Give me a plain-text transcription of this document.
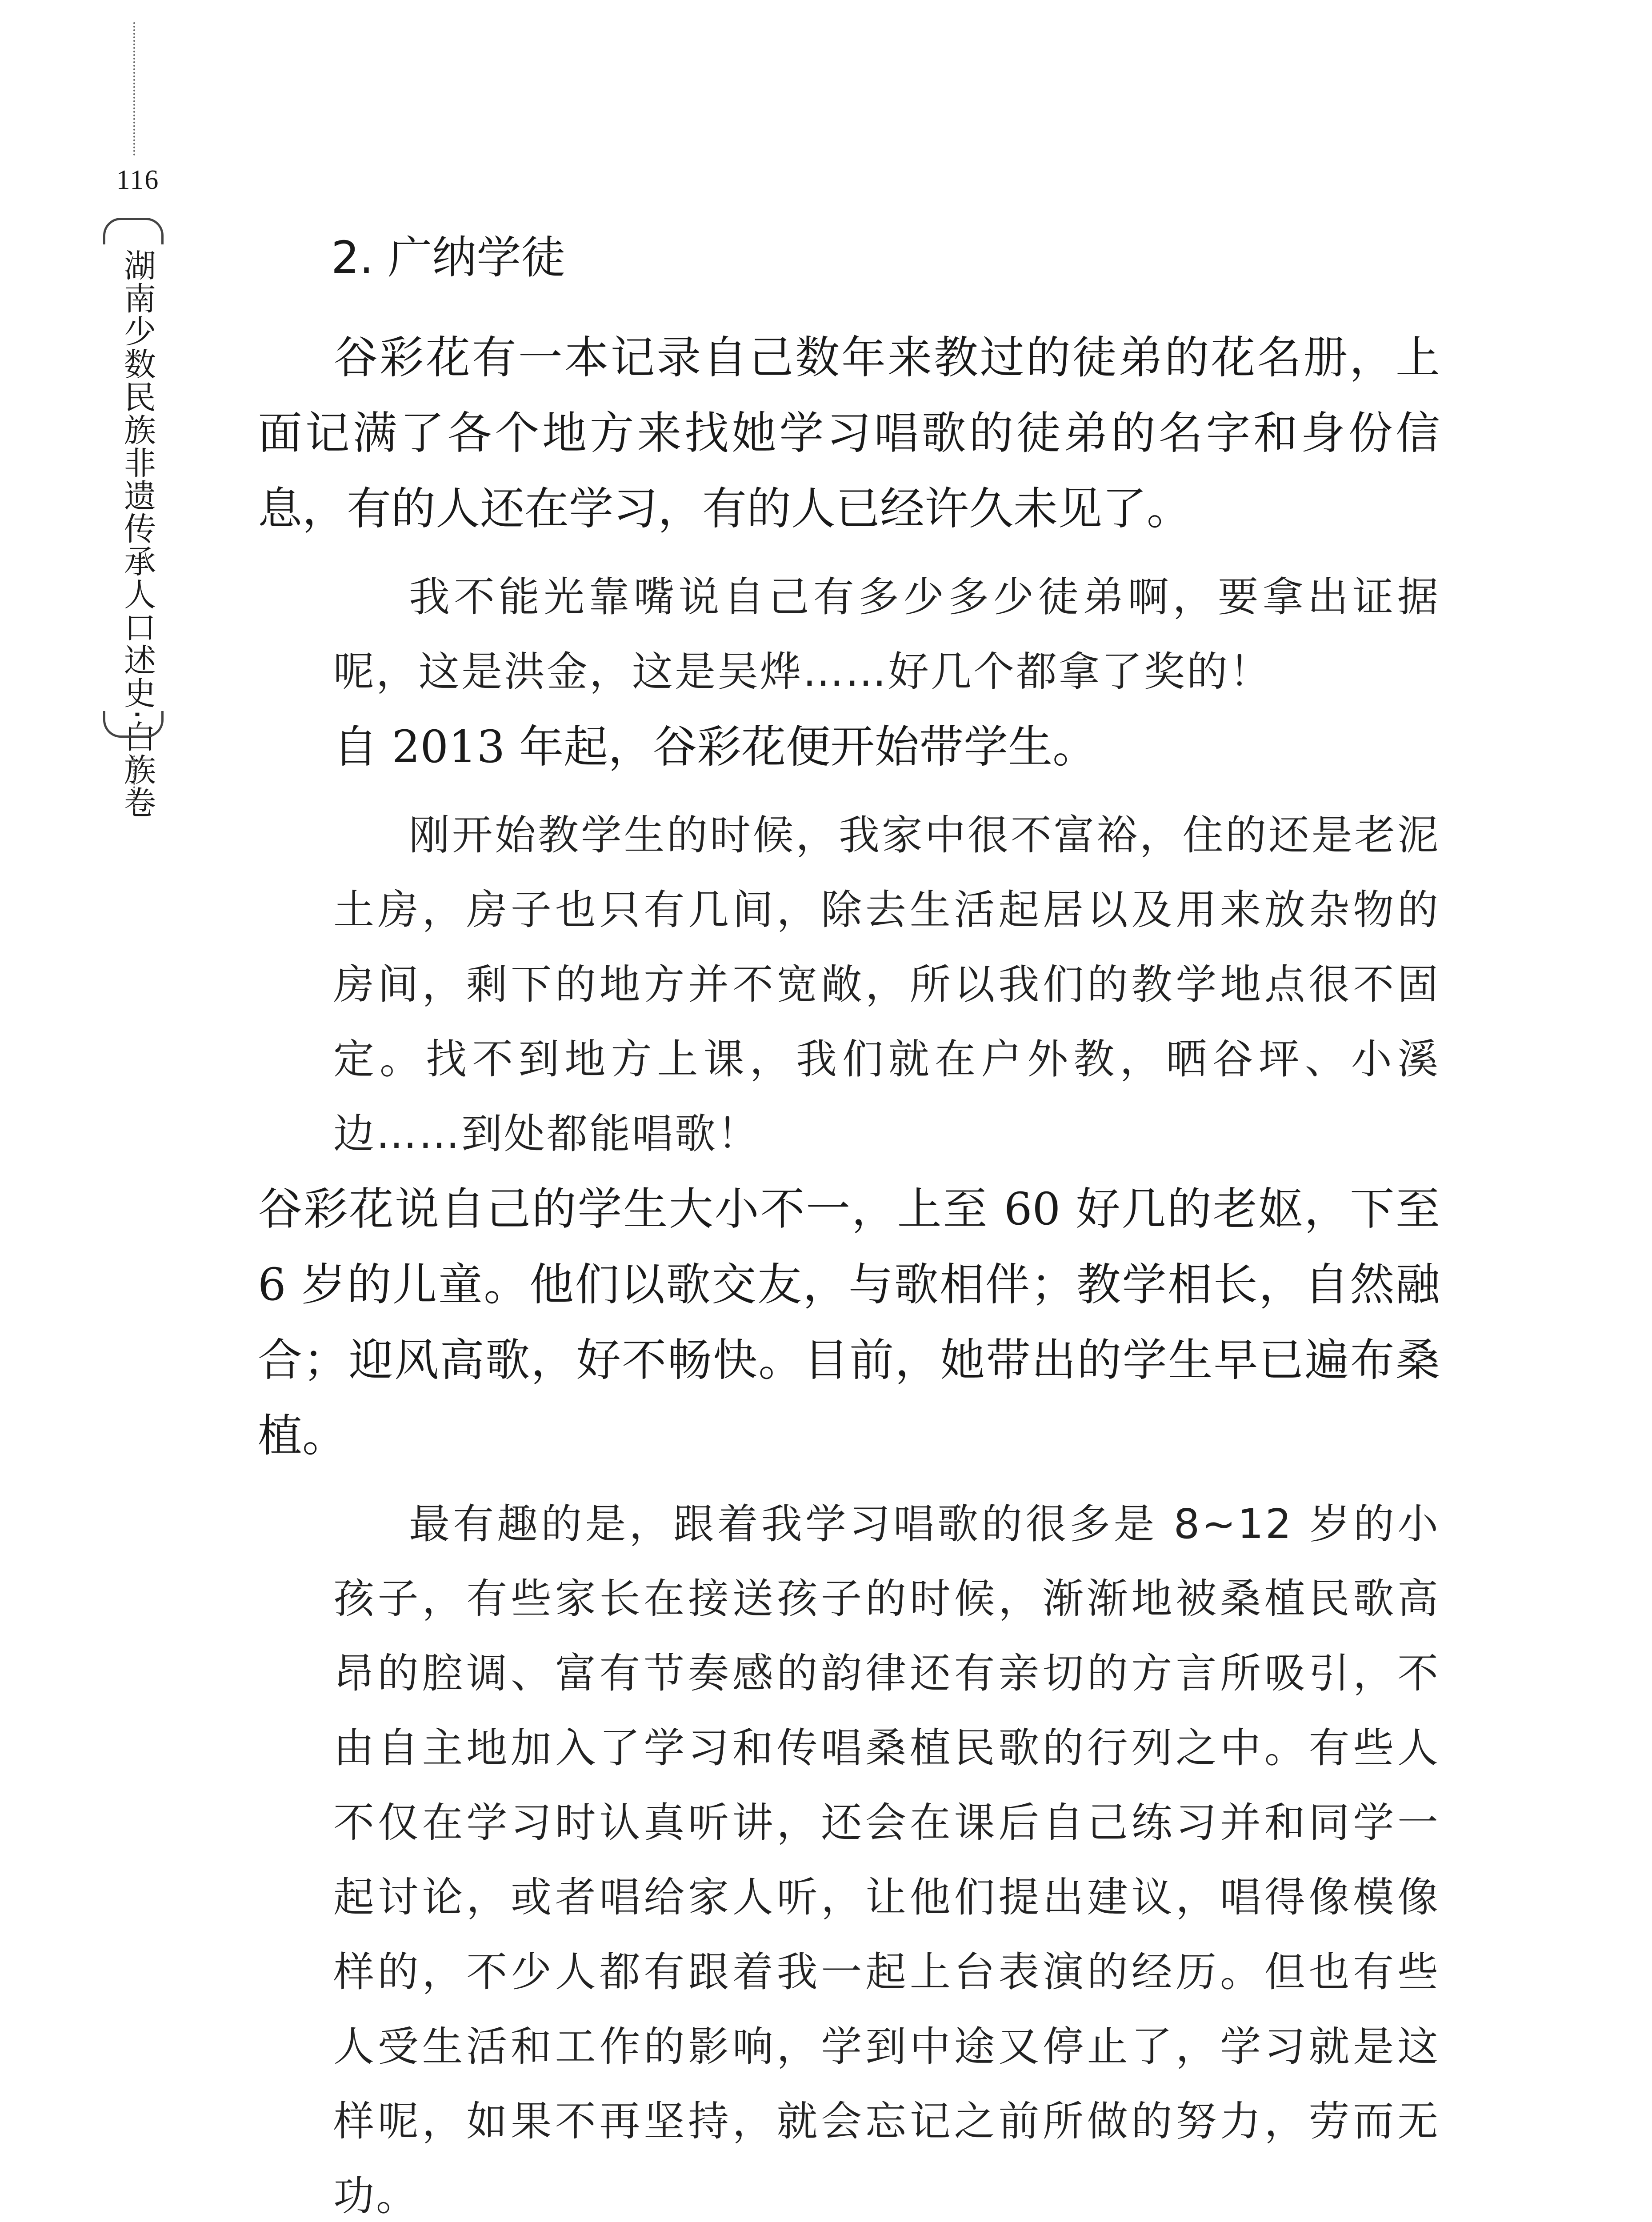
116
湖南少数民族非遗传承人口述史·白族卷	2. 广纳学徒

谷彩花有一本记录自己数年来教过的徒弟的花名册，上面记满了各个地方来找她学习唱歌的徒弟的名字和身份信息，有的人还在学习，有的人已经许久未见了。

我不能光靠嘴说自己有多少多少徒弟啊，要拿出证据呢，这是洪金，这是吴烨……好几个都拿了奖的！

自 2013 年起，谷彩花便开始带学生。

刚开始教学生的时候，我家中很不富裕，住的还是老泥土房，房子也只有几间，除去生活起居以及用来放杂物的房间，剩下的地方并不宽敞，所以我们的教学地点很不固定。找不到地方上课，我们就在户外教，晒谷坪、小溪边……到处都能唱歌！

谷彩花说自己的学生大小不一，上至 60 好几的老妪，下至 6 岁的儿童。他们以歌交友，与歌相伴；教学相长，自然融合；迎风高歌，好不畅快。目前，她带出的学生早已遍布桑植。

最有趣的是，跟着我学习唱歌的很多是 8~12 岁的小孩子，有些家长在接送孩子的时候，渐渐地被桑植民歌高昂的腔调、富有节奏感的韵律还有亲切的方言所吸引，不由自主地加入了学习和传唱桑植民歌的行列之中。有些人不仅在学习时认真听讲，还会在课后自己练习并和同学一起讨论，或者唱给家人听，让他们提出建议，唱得像模像样的，不少人都有跟着我一起上台表演的经历。但也有些人受生活和工作的影响，学到中途又停止了，学习就是这样呢，如果不再坚持，就会忘记之前所做的努力，劳而无功。
